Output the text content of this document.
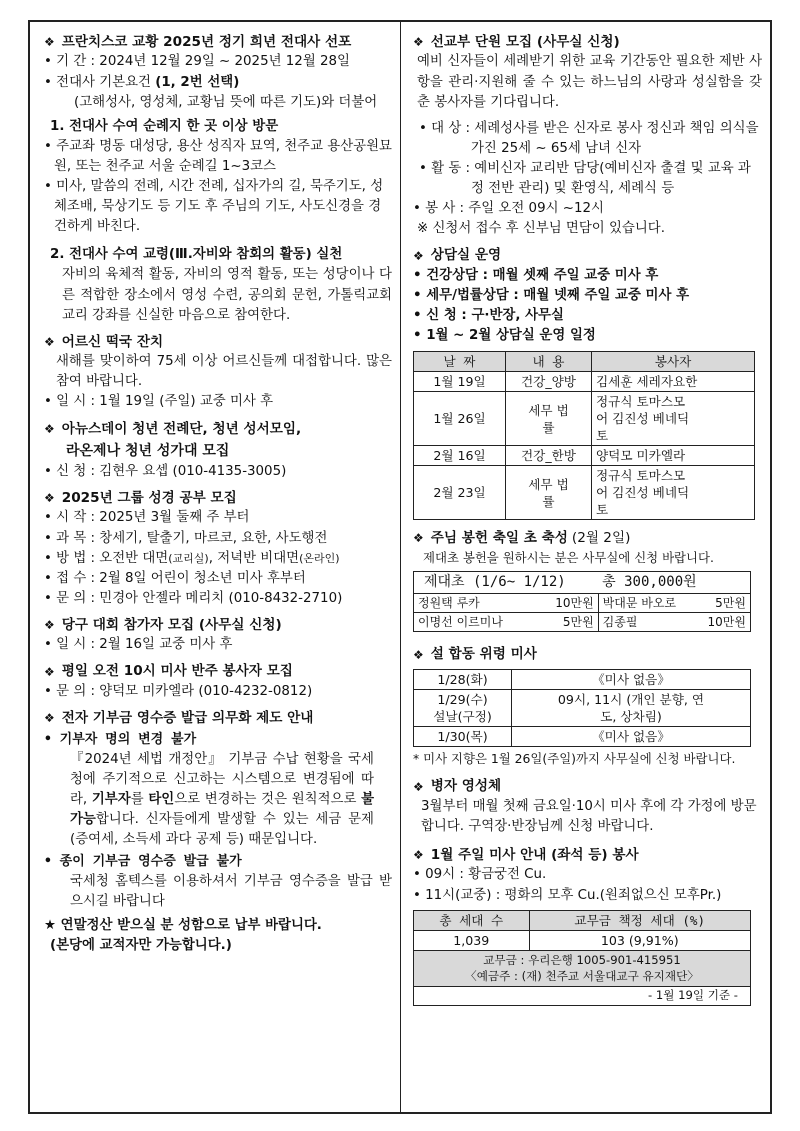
❖ 프란치스코 교황 2025년 정기 희년 전대사 선포
• 기 간 : 2024년 12월 29일 ~ 2025년 12월 28일
• 전대사 기본요건 (1, 2번 선택)
(고해성사, 영성체, 교황님 뜻에 따른 기도)와 더불어
1. 전대사 수여 순례지 한 곳 이상 방문
• 주교좌 명동 대성당, 용산 성직자 묘역, 천주교 용산공원묘원, 또는 천주교 서울 순례길 1~3코스
• 미사, 말씀의 전례, 시간 전례, 십자가의 길, 묵주기도, 성체조배, 묵상기도 등 기도 후 주님의 기도, 사도신경을 경건하게 바친다.
2. 전대사 수여 교령(Ⅲ.자비와 참회의 활동) 실천
자비의 육체적 활동, 자비의 영적 활동, 또는 성당이나 다른 적합한 장소에서 영성 수련, 공의회 문헌, 가톨릭교회 교리 강좌를 신실한 마음으로 참여한다.
❖ 어르신 떡국 잔치
새해를 맞이하여 75세 이상 어르신들께 대접합니다. 많은 참여 바랍니다.
• 일 시 : 1월 19일 (주일) 교중 미사 후
❖ 아뉴스데이 청년 전례단, 청년 성서모임,
라온제나 청년 성가대 모집
• 신 청 : 김현우 요셉 (010-4135-3005)
❖ 2025년 그룹 성경 공부 모집
• 시 작 : 2025년 3월 둘째 주 부터
• 과 목 : 창세기, 탈출기, 마르코, 요한, 사도행전
• 방 법 : 오전반 대면(교리실), 저녁반 비대면(온라인)
• 접 수 : 2월 8일 어린이 청소년 미사 후부터
• 문 의 : 민경아 안젤라 메리치 (010-8432-2710)
❖ 당구 대회 참가자 모집 (사무실 신청)
• 일 시 : 2월 16일 교중 미사 후
❖ 평일 오전 10시 미사 반주 봉사자 모집
• 문 의 : 양덕모 미카엘라 (010-4232-0812)
❖ 전자 기부금 영수증 발급 의무화 제도 안내
• 기부자 명의 변경 불가
『2024년 세법 개정안』 기부금 수납 현황을 국세청에 주기적으로 신고하는 시스템으로 변경됨에 따라, 기부자를 타인으로 변경하는 것은 원칙적으로 불가능합니다. 신자들에게 발생할 수 있는 세금 문제(증여세, 소득세 과다 공제 등) 때문입니다.
• 종이 기부금 영수증 발급 불가
국세청 홈텍스를 이용하셔서 기부금 영수증을 발급 받으시길 바랍니다
★ 연말정산 받으실 분 성함으로 납부 바랍니다.
(본당에 교적자만 가능합니다.)
❖ 선교부 단원 모집 (사무실 신청)
예비 신자들이 세례받기 위한 교육 기간동안 필요한 제반 사항을 관리·지원해 줄 수 있는 하느님의 사랑과 성실함을 갖춘 봉사자를 기다립니다.
• 대 상 : 세례성사를 받은 신자로 봉사 정신과 책임 의식을 가진 25세 ~ 65세 남녀 신자
• 활 동 : 예비신자 교리반 담당(예비신자 출결 및 교육 과정 전반 관리) 및 환영식, 세례식 등
• 봉 사 : 주일 오전 09시 ~12시
※ 신청서 접수 후 신부님 면담이 있습니다.
❖ 상담실 운영
• 건강상담 : 매월 셋째 주일 교중 미사 후
• 세무/법률상담 : 매월 넷째 주일 교중 미사 후
• 신 청 : 구·반장, 사무실
• 1월 ~ 2월 상담실 운영 일정
날 짜	내 용	봉사자
1월 19일	건강_양방	김세훈 세레자요한
1월 26일	세무 법률	정규식 토마스모어 김진성 베네딕토
2월 16일	건강_한방	양덕모 미카엘라
2월 23일	세무 법률	정규식 토마스모어 김진성 베네딕토
❖ 주님 봉헌 축일 초 축성 (2월 2일)
제대초 봉헌을 원하시는 분은 사무실에 신청 바랍니다.
제대초 (1/6~ 1/12)		총 300,000원	
정원택 루카	10만원	박대문 바오로	5만원
이명선 이르미나	5만원	김종필	10만원
❖ 설 합동 위령 미사
1/28(화)	《미사 없음》
1/29(수) 설날(구정)	09시, 11시 (개인 분향, 연도, 상차림)
1/30(목)	《미사 없음》
* 미사 지향은 1월 26일(주일)까지 사무실에 신청 바랍니다.
❖ 병자 영성체
3월부터 매월 첫째 금요일·10시 미사 후에 각 가정에 방문합니다. 구역장·반장님께 신청 바랍니다.
❖ 1월 주일 미사 안내 (좌석 등) 봉사
• 09시 : 황금궁전 Cu.
• 11시(교중) : 평화의 모후 Cu.(원죄없으신 모후Pr.)
총 세대 수	교무금 책정 세대 (%)
1,039	103 (9,91%)

교무금 : 우리은행 1005-901-415951
〈예금주 : (재) 천주교 서울대교구 유지재단〉	

- 1월 19일 기준 -	
